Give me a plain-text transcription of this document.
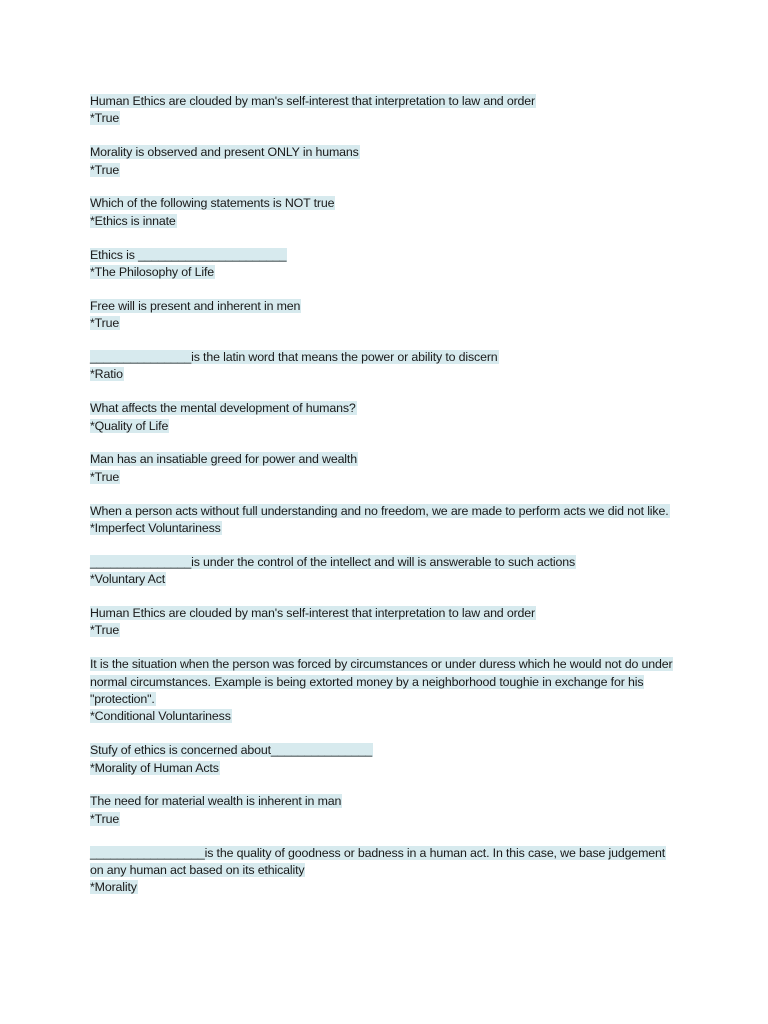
Human Ethics are clouded by man's self-interest that interpretation to law and order
*True
Morality is observed and present ONLY in humans
*True
Which of the following statements is NOT true
*Ethics is innate
Ethics is ______________________
*The Philosophy of Life
Free will is present and inherent in men
*True
_______________is the latin word that means the power or ability to discern
*Ratio
What affects the mental development of humans?
*Quality of Life
Man has an insatiable greed for power and wealth
*True
When a person acts without full understanding and no freedom, we are made to perform acts we did not like.
*Imperfect Voluntariness
_______________is under the control of the intellect and will is answerable to such actions
*Voluntary Act
Human Ethics are clouded by man's self-interest that interpretation to law and order
*True
It is the situation when the person was forced by circumstances or under duress which he would not do under normal circumstances. Example is being extorted money by a neighborhood toughie in exchange for his "protection".
*Conditional Voluntariness
Stufy of ethics is concerned about_______________
*Morality of Human Acts
The need for material wealth is inherent in man
*True
_________________is the quality of goodness or badness in a human act. In this case, we base judgement on any human act based on its ethicality
*Morality
